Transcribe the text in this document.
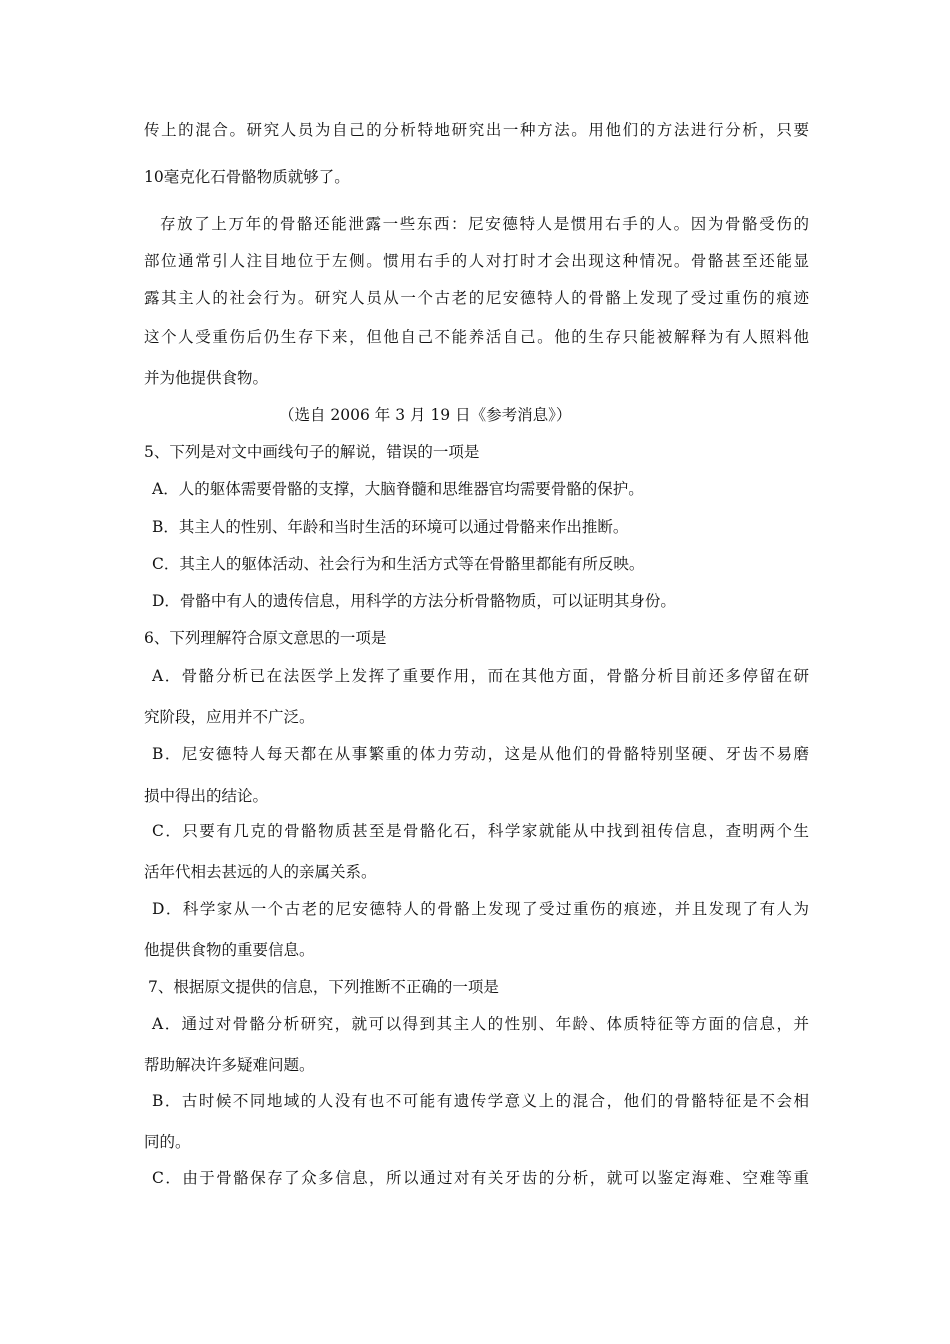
传上的混合。研究人员为自己的分析特地研究出一种方法。用他们的方法进行分析，只要
10毫克化石骨骼物质就够了。
存放了上万年的骨骼还能泄露一些东西：尼安德特人是惯用右手的人。因为骨骼受伤的
部位通常引人注目地位于左侧。惯用右手的人对打时才会出现这种情况。骨骼甚至还能显
露其主人的社会行为。研究人员从一个古老的尼安德特人的骨骼上发现了受过重伤的痕迹
这个人受重伤后仍生存下来，但他自己不能养活自己。他的生存只能被解释为有人照料他
并为他提供食物。
（选自 2006 年 3 月 19 日《参考消息》）
5、下列是对文中画线句子的解说，错误的一项是
A．人的躯体需要骨骼的支撑，大脑脊髓和思维器官均需要骨骼的保护。
B．其主人的性别、年龄和当时生活的环境可以通过骨骼来作出推断。
C．其主人的躯体活动、社会行为和生活方式等在骨骼里都能有所反映。
D．骨骼中有人的遗传信息，用科学的方法分析骨骼物质，可以证明其身份。
6、下列理解符合原文意思的一项是
A．骨骼分析已在法医学上发挥了重要作用，而在其他方面，骨骼分析目前还多停留在研
究阶段，应用并不广泛。
B．尼安德特人每天都在从事繁重的体力劳动，这是从他们的骨骼特别坚硬、牙齿不易磨
损中得出的结论。
C．只要有几克的骨骼物质甚至是骨骼化石，科学家就能从中找到祖传信息，查明两个生
活年代相去甚远的人的亲属关系。
D．科学家从一个古老的尼安德特人的骨骼上发现了受过重伤的痕迹，并且发现了有人为
他提供食物的重要信息。
7、根据原文提供的信息，下列推断不正确的一项是
A．通过对骨骼分析研究，就可以得到其主人的性别、年龄、体质特征等方面的信息，并
帮助解决许多疑难问题。
B．古时候不同地域的人没有也不可能有遗传学意义上的混合，他们的骨骼特征是不会相
同的。
C．由于骨骼保存了众多信息，所以通过对有关牙齿的分析，就可以鉴定海难、空难等重
